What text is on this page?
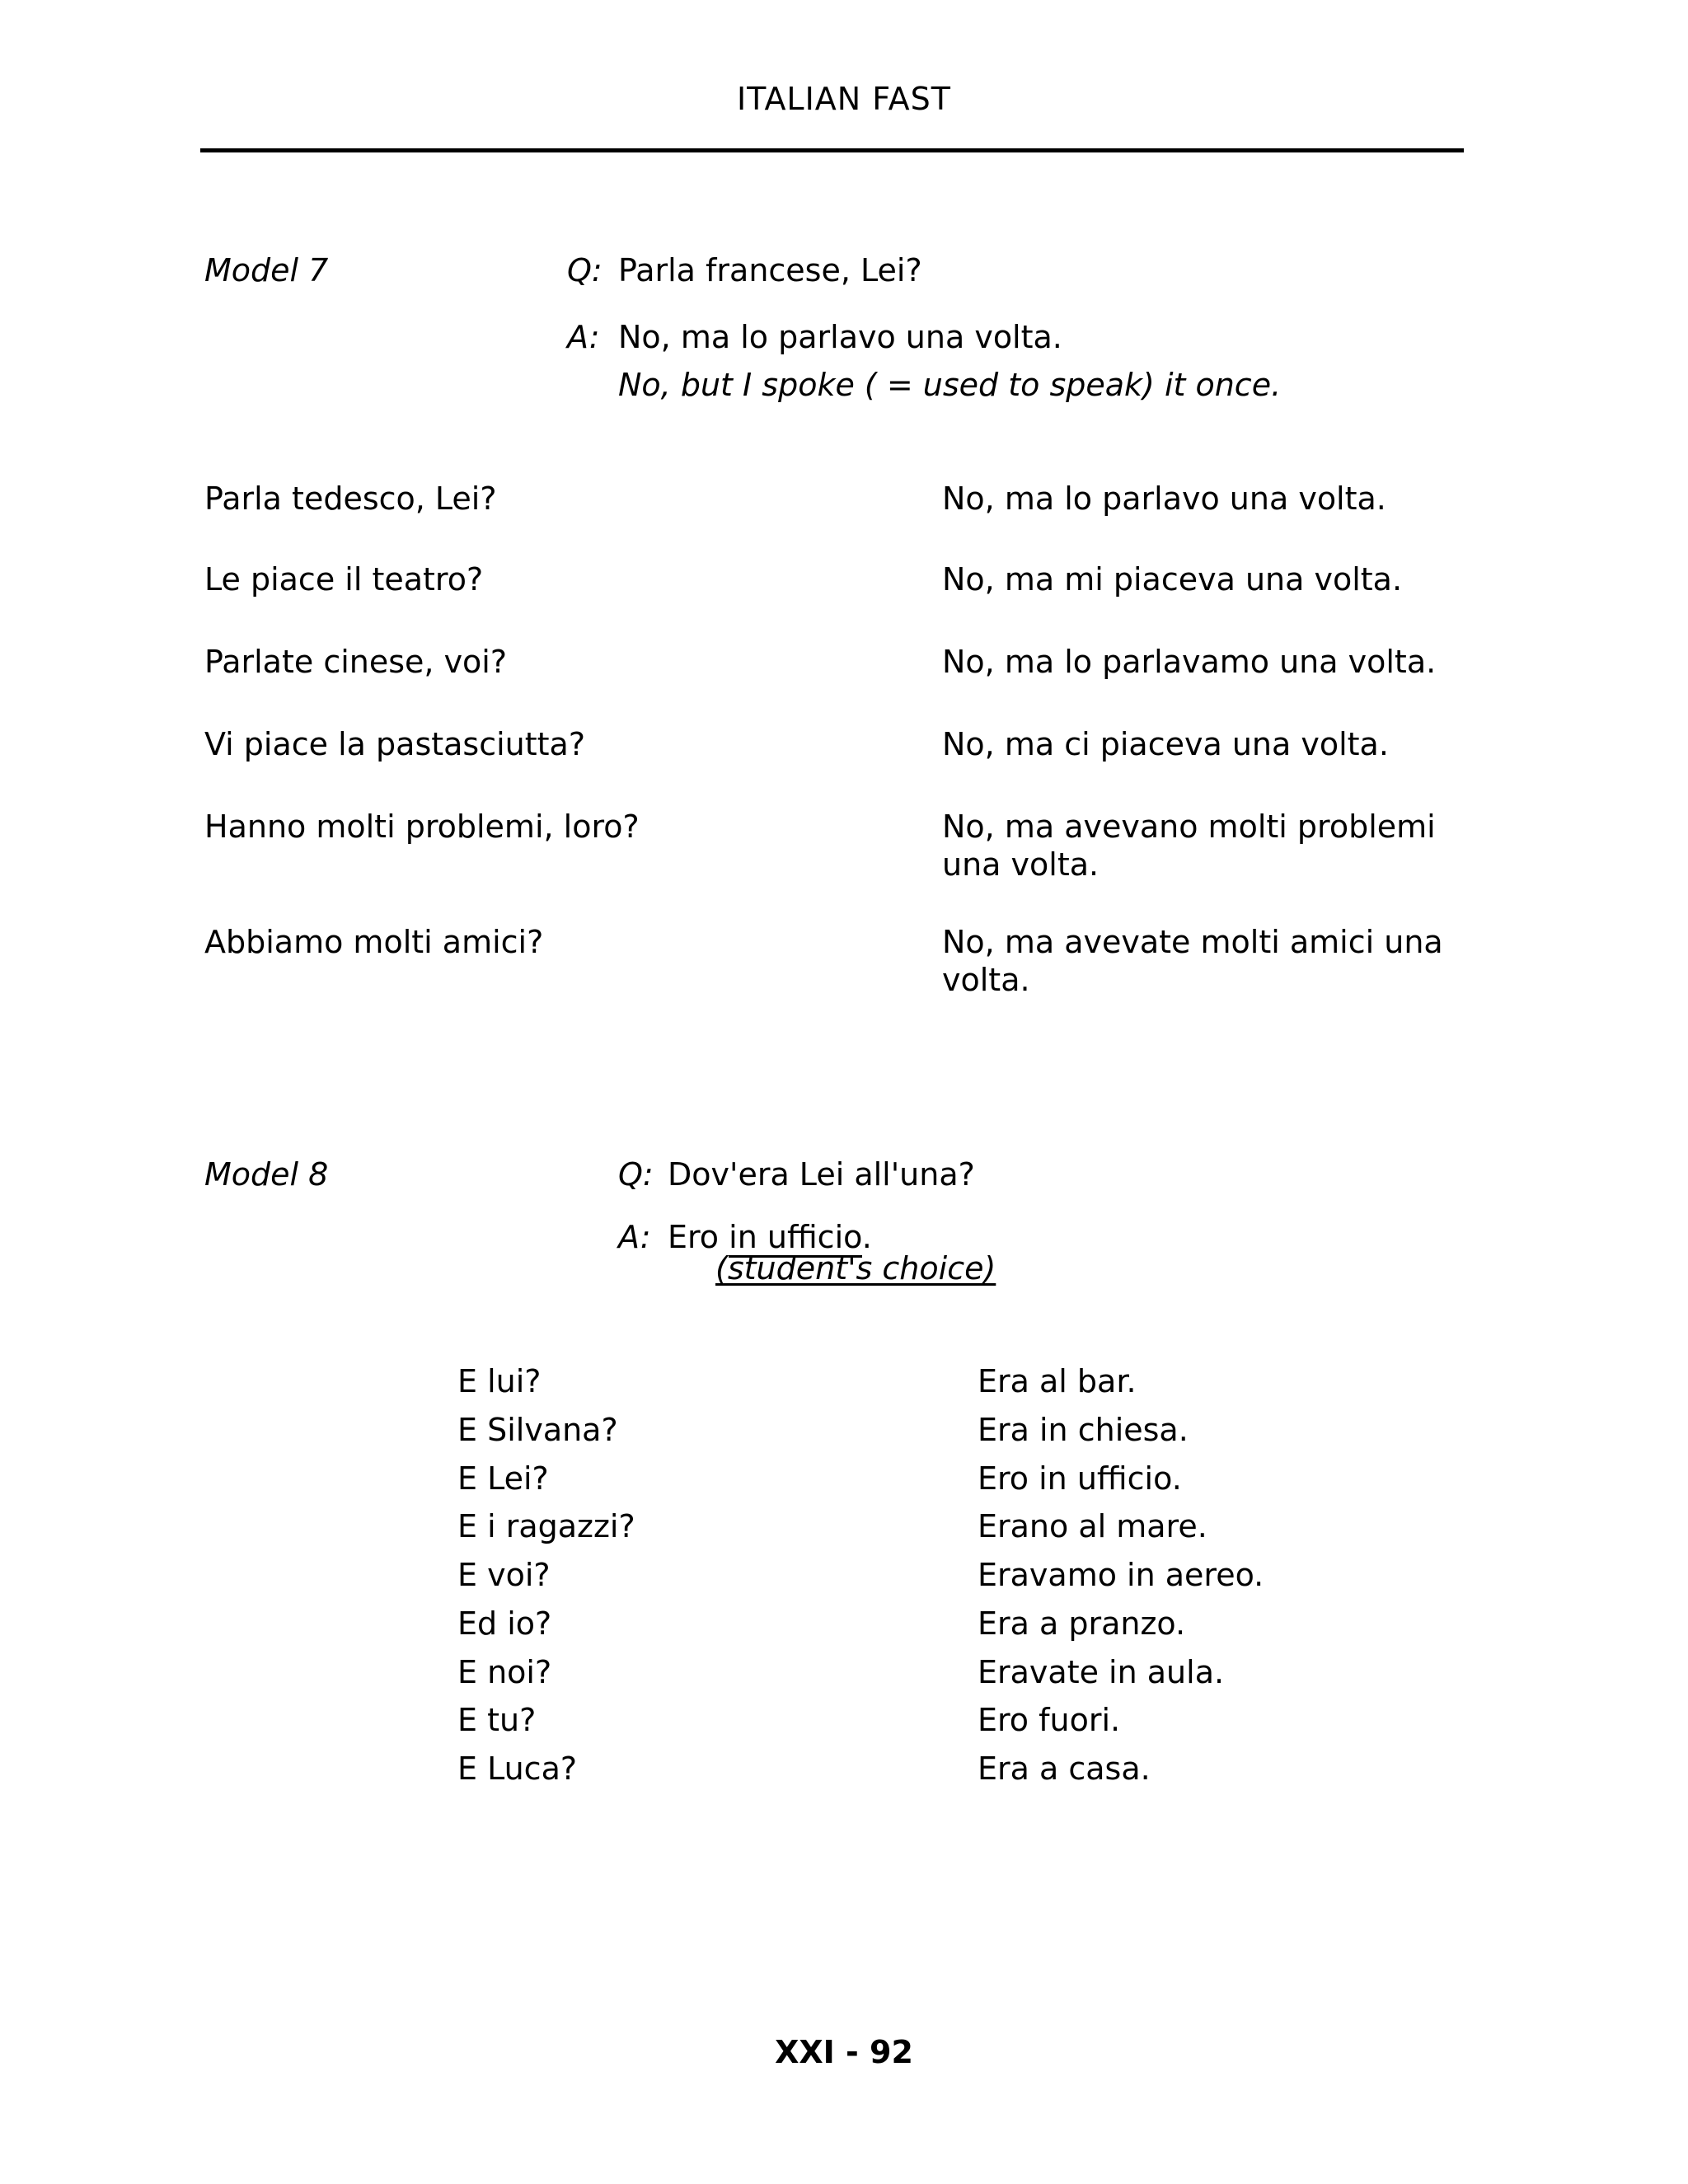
ITALIAN FAST
Model 7	Q: Parla francese, Lei?
A: No, ma lo parlavo una volta.
No, but I spoke ( = used to speak) it once.
Parla tedesco, Lei?	No, ma lo parlavo una volta.
Le piace il teatro?	No, ma mi piaceva una volta.
Parlate cinese, voi?	No, ma lo parlavamo una volta.
Vi piace la pastasciutta?	No, ma ci piaceva una volta.
Hanno molti problemi, loro?	No, ma avevano molti problemi una volta.
Abbiamo molti amici?	No, ma avevate molti amici una volta.
Model 8	Q: Dov'era Lei all'una?
A: Ero in ufficio.
(student's choice)
E lui?	Era al bar.
E Silvana?	Era in chiesa.
E Lei?	Ero in ufficio.
E i ragazzi?	Erano al mare.
E voi?	Eravamo in aereo.
Ed io?	Era a pranzo.
E noi?	Eravate in aula.
E tu?	Ero fuori.
E Luca?	Era a casa.
XXI - 92
